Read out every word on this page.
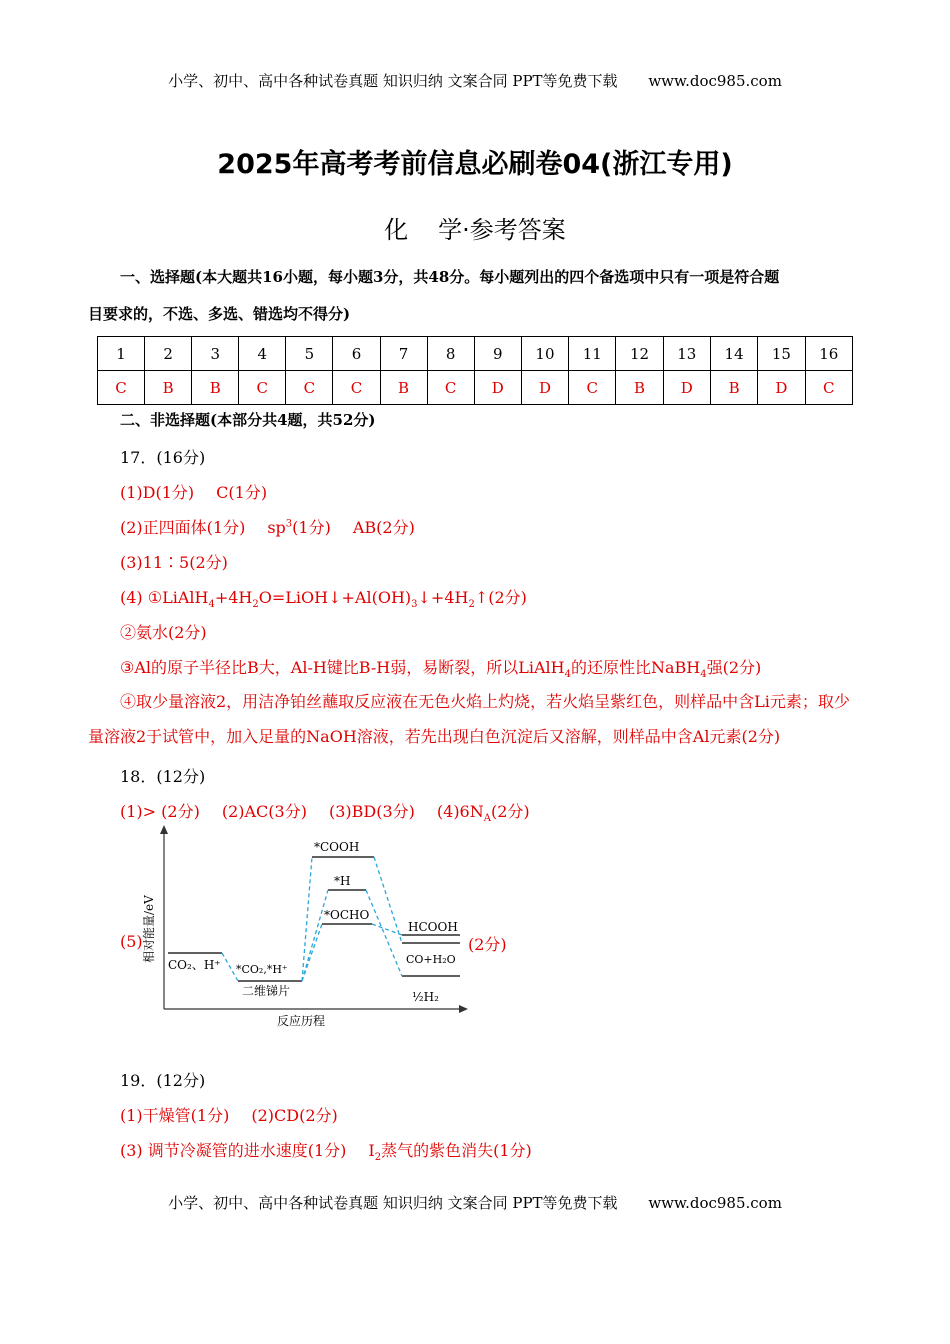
小学、初中、高中各种试卷真题 知识归纳 文案合同 PPT等免费下载 www.doc985.com
2025年高考考前信息必刷卷04(浙江专用)
化 学·参考答案
一、选择题(本大题共16小题，每小题3分，共48分。每小题列出的四个备选项中只有一项是符合题
目要求的，不选、多选、错选均不得分)
1	2	3	4	5	6	7	8	9	10	11	12	13	14	15	16
C	B	B	C	C	C	B	C	D	D	C	B	D	B	D	C
二、非选择题(本部分共4题，共52分)
17．(16分)
(1)D(1分) C(1分)
(2)正四面体(1分) $sp^3(1$分) AB(2分)
(3)11∶5(2分)
(4) $①LiAlH_4+4H_2O=LiOH↓+Al(OH)_3↓+4H_2↑(2$分)
②氨水(2分)
③Al的原子半径比B大，Al-H键比B-H弱，易断裂，所以LiAlH$_4$的还原性比NaBH$_4$强(2分)
④取少量溶液2，用洁净铂丝蘸取反应液在无色火焰上灼烧，若火焰呈紫红色，则样品中含Li元素；取少量溶液2于试管中，加入足量的NaOH溶液，若先出现白色沉淀后又溶解，则样品中含Al元素(2分)
18．(12分)
(1)> (2分) (2)AC(3分) (3)BD(3分) $(4)6N_A(2$分)
(5)	(2分)
相对能量/eV
反应历程
CO₂、H⁺ *CO₂,*H⁺
二维锑片
*COOH
*H
*OCHO
HCOOH
CO+H₂O
½H₂
19．(12分)
(1)干燥管(1分) (2)CD(2分)
(3) 调节冷凝管的进水速度(1分) $I_2$蒸气的紫色消失(1分)
小学、初中、高中各种试卷真题 知识归纳 文案合同 PPT等免费下载 www.doc985.com
